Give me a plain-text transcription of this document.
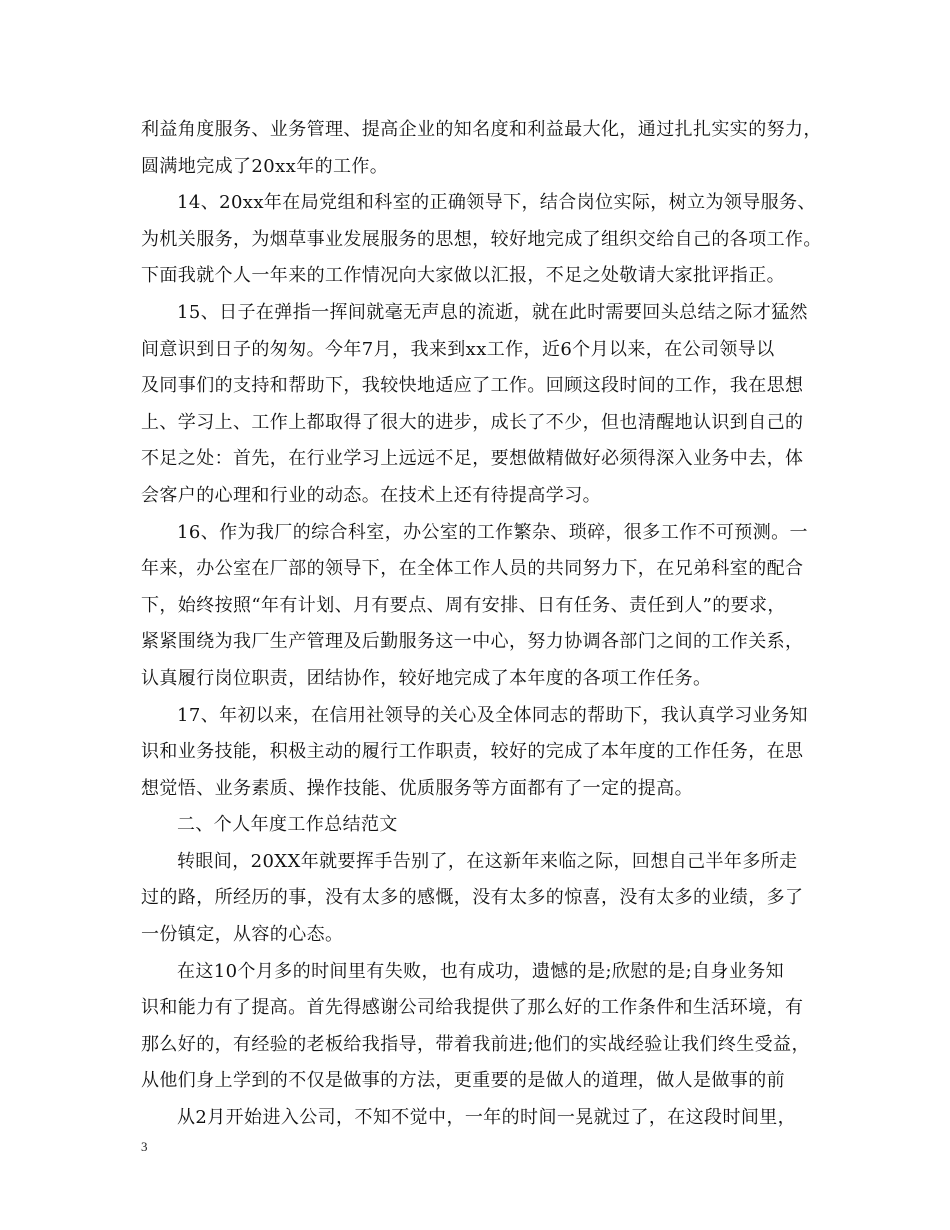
利益角度服务、业务管理、提高企业的知名度和利益最大化，通过扎扎实实的努力，
圆满地完成了20xx年的工作。
14、20xx年在局党组和科室的正确领导下，结合岗位实际，树立为领导服务、
为机关服务，为烟草事业发展服务的思想，较好地完成了组织交给自己的各项工作。
下面我就个人一年来的工作情况向大家做以汇报，不足之处敬请大家批评指正。
15、日子在弹指一挥间就毫无声息的流逝，就在此时需要回头总结之际才猛然
间意识到日子的匆匆。今年7月，我来到xx工作，近6个月以来，在公司领导以
及同事们的支持和帮助下，我较快地适应了工作。回顾这段时间的工作，我在思想
上、学习上、工作上都取得了很大的进步，成长了不少，但也清醒地认识到自己的
不足之处：首先，在行业学习上远远不足，要想做精做好必须得深入业务中去，体
会客户的心理和行业的动态。在技术上还有待提高学习。
16、作为我厂的综合科室，办公室的工作繁杂、琐碎，很多工作不可预测。一
年来，办公室在厂部的领导下，在全体工作人员的共同努力下，在兄弟科室的配合
下，始终按照“年有计划、月有要点、周有安排、日有任务、责任到人”的要求，
紧紧围绕为我厂生产管理及后勤服务这一中心，努力协调各部门之间的工作关系，
认真履行岗位职责，团结协作，较好地完成了本年度的各项工作任务。
17、年初以来，在信用社领导的关心及全体同志的帮助下，我认真学习业务知
识和业务技能，积极主动的履行工作职责，较好的完成了本年度的工作任务，在思
想觉悟、业务素质、操作技能、优质服务等方面都有了一定的提高。
二、个人年度工作总结范文
转眼间，20XX年就要挥手告别了，在这新年来临之际，回想自己半年多所走
过的路，所经历的事，没有太多的感慨，没有太多的惊喜，没有太多的业绩，多了
一份镇定，从容的心态。
在这10个月多的时间里有失败，也有成功，遗憾的是;欣慰的是;自身业务知
识和能力有了提高。首先得感谢公司给我提供了那么好的工作条件和生活环境，有
那么好的，有经验的老板给我指导，带着我前进;他们的实战经验让我们终生受益，
从他们身上学到的不仅是做事的方法，更重要的是做人的道理，做人是做事的前
从2月开始进入公司，不知不觉中，一年的时间一晃就过了，在这段时间里，
3
